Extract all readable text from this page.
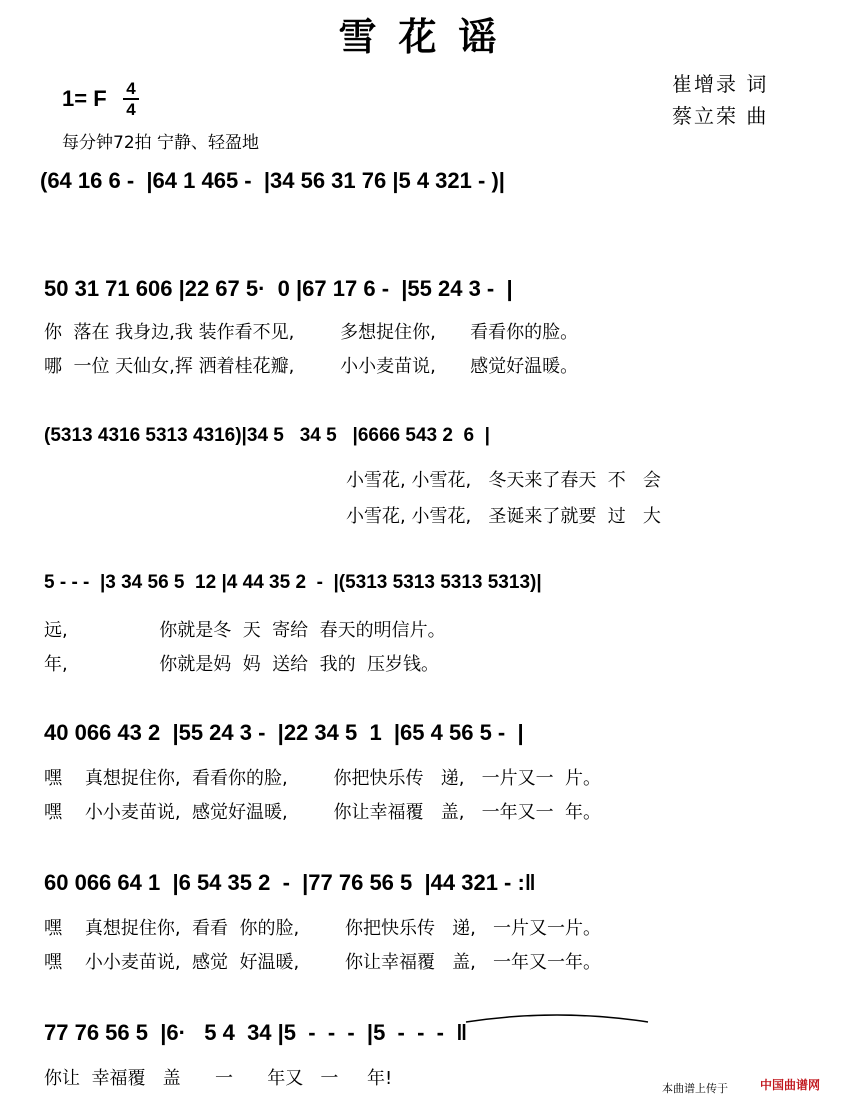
雪花谣
1= F 4
4
每分钟72拍 宁静、轻盈地
崔增录 词
蔡立荣 曲
(64 16 6 -  |64 1 465 -  |34 56 31 76 |5 4 321 - )|
50 31 71 606 |22 67 5·  0 |67 17 6 -  |55 24 3 -  |
你  落在 我身边,我 装作看不见,        多想捉住你,      看看你的脸。
哪  一位 天仙女,挥 洒着桂花瓣,        小小麦苗说,      感觉好温暖。
(5313 4316 5313 4316)|34 5   34 5   |6666 543 2  6  |
小雪花, 小雪花,   冬天来了春天  不   会
小雪花, 小雪花,   圣诞来了就要  过   大
5 - - -  |3 34 56 5  12 |4 44 35 2  -  |(5313 5313 5313 5313)|
远,                你就是冬  天  寄给  春天的明信片。
年,                你就是妈  妈  送给  我的  压岁钱。
40 066 43 2  |55 24 3 -  |22 34 5  1  |65 4 56 5 -  |
嘿    真想捉住你,  看看你的脸,        你把快乐传   递,   一片又一  片。
嘿    小小麦苗说,  感觉好温暖,        你让幸福覆   盖,   一年又一  年。
60 066 64 1  |6 54 35 2  -  |77 76 56 5  |44 321 - :‖
嘿    真想捉住你,  看看  你的脸,        你把快乐传   递,   一片又一片。
嘿    小小麦苗说,  感觉  好温暖,        你让幸福覆   盖,   一年又一年。
77 76 56 5  |6·   5 4  34 |5  -  -  -  |5  -  -  -  ‖
你让  幸福覆   盖      一      年又   一     年!	本曲谱上传于	中国曲谱网
